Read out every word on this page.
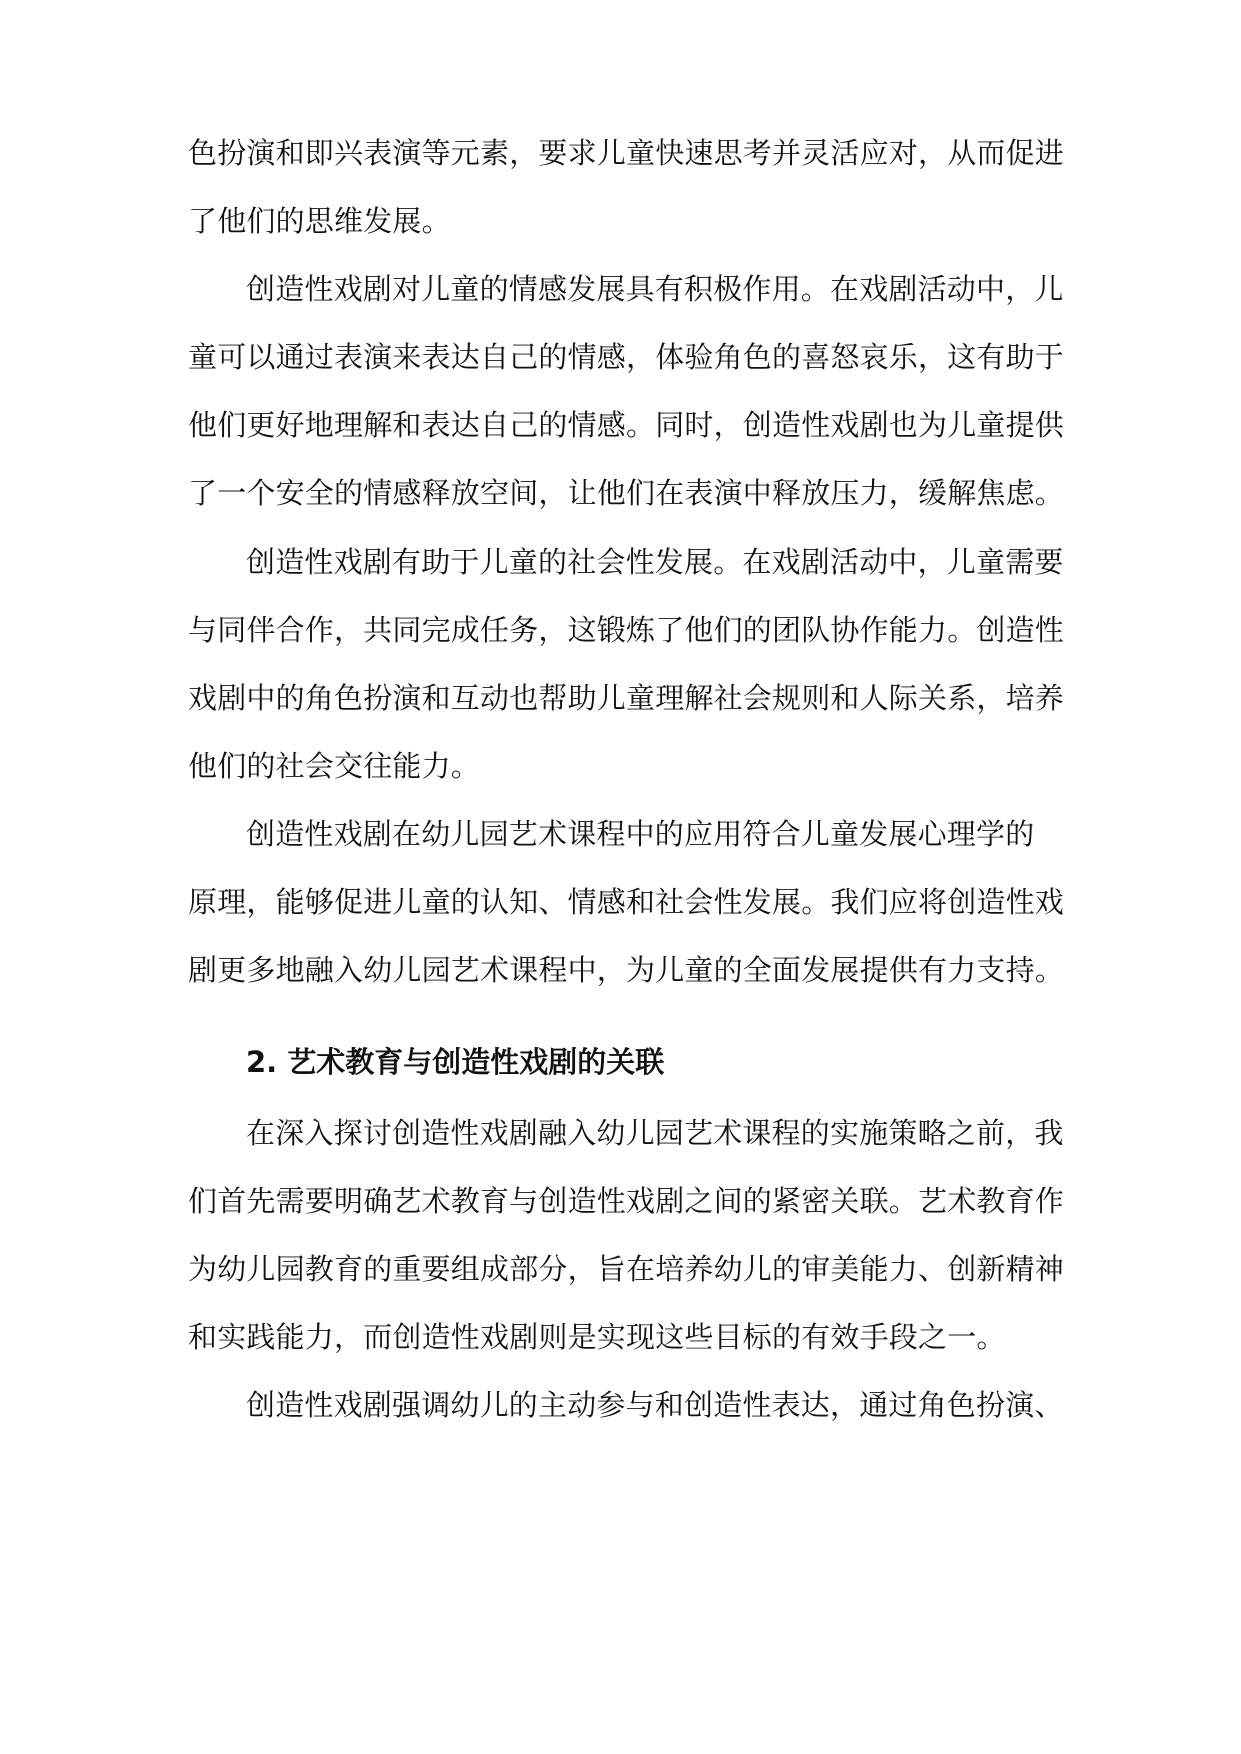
色扮演和即兴表演等元素，要求儿童快速思考并灵活应对，从而促进
了他们的思维发展。
创造性戏剧对儿童的情感发展具有积极作用。在戏剧活动中，儿
童可以通过表演来表达自己的情感，体验角色的喜怒哀乐，这有助于
他们更好地理解和表达自己的情感。同时，创造性戏剧也为儿童提供
了一个安全的情感释放空间，让他们在表演中释放压力，缓解焦虑。
创造性戏剧有助于儿童的社会性发展。在戏剧活动中，儿童需要
与同伴合作，共同完成任务，这锻炼了他们的团队协作能力。创造性
戏剧中的角色扮演和互动也帮助儿童理解社会规则和人际关系，培养
他们的社会交往能力。
创造性戏剧在幼儿园艺术课程中的应用符合儿童发展心理学的
原理，能够促进儿童的认知、情感和社会性发展。我们应将创造性戏
剧更多地融入幼儿园艺术课程中，为儿童的全面发展提供有力支持。
2. 艺术教育与创造性戏剧的关联
在深入探讨创造性戏剧融入幼儿园艺术课程的实施策略之前，我
们首先需要明确艺术教育与创造性戏剧之间的紧密关联。艺术教育作
为幼儿园教育的重要组成部分，旨在培养幼儿的审美能力、创新精神
和实践能力，而创造性戏剧则是实现这些目标的有效手段之一。
创造性戏剧强调幼儿的主动参与和创造性表达，通过角色扮演、
